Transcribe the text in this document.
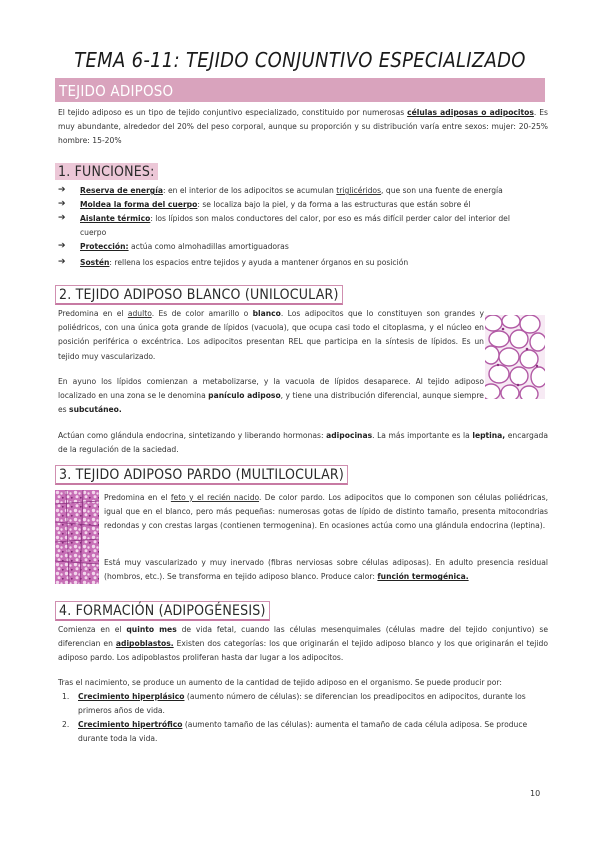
TEMA 6-11: TEJIDO CONJUNTIVO ESPECIALIZADO
TEJIDO ADIPOSO
El tejido adiposo es un tipo de tejido conjuntivo especializado, constituido por numerosas células adiposas o adipocitos. Es muy abundante, alrededor del 20% del peso corporal, aunque su proporción y su distribución varía entre sexos: mujer: 20-25% hombre: 15-20%
1. FUNCIONES:
➔ Reserva de energía: en el interior de los adipocitos se acumulan triglicéridos, que son una fuente de energía
➔ Moldea la forma del cuerpo: se localiza bajo la piel, y da forma a las estructuras que están sobre él
➔ Aislante térmico: los lípidos son malos conductores del calor, por eso es más difícil perder calor del interior del
cuerpo
➔ Protección: actúa como almohadillas amortiguadoras
➔ Sostén: rellena los espacios entre tejidos y ayuda a mantener órganos en su posición
2. TEJIDO ADIPOSO BLANCO (UNILOCULAR)
Predomina en el adulto. Es de color amarillo o blanco. Los adipocitos que lo constituyen son grandes y poliédricos, con una única gota grande de lípidos (vacuola), que ocupa casi todo el citoplasma, y el núcleo en posición periférica o excéntrica. Los adipocitos presentan REL que participa en la síntesis de lípidos. Es un tejido muy vascularizado.
En ayuno los lípidos comienzan a metabolizarse, y la vacuola de lípidos desaparece. Al tejido adiposo localizado en una zona se le denomina panículo adiposo, y tiene una distribución diferencial, aunque siempre es subcutáneo.
Actúan como glándula endocrina, sintetizando y liberando hormonas: adipocinas. La más importante es la leptina, encargada de la regulación de la saciedad.
3. TEJIDO ADIPOSO PARDO (MULTILOCULAR)
Predomina en el feto y el recién nacido. De color pardo. Los adipocitos que lo componen son células poliédricas, igual que en el blanco, pero más pequeñas: numerosas gotas de lípido de distinto tamaño, presenta mitocondrias redondas y con crestas largas (contienen termogenina). En ocasiones actúa como una glándula endocrina (leptina).
Está muy vascularizado y muy inervado (fibras nerviosas sobre células adiposas). En adulto presencia residual (hombros, etc.). Se transforma en tejido adiposo blanco. Produce calor: función termogénica.
4. FORMACIÓN (ADIPOGÉNESIS)
Comienza en el quinto mes de vida fetal, cuando las células mesenquimales (células madre del tejido conjuntivo) se diferencian en adipoblastos. Existen dos categorías: los que originarán el tejido adiposo blanco y los que originarán el tejido adiposo pardo. Los adipoblastos proliferan hasta dar lugar a los adipocitos.
Tras el nacimiento, se produce un aumento de la cantidad de tejido adiposo en el organismo. Se puede producir por:
1. Crecimiento hiperplásico (aumento número de células): se diferencian los preadipocitos en adipocitos, durante los primeros años de vida.
2. Crecimiento hipertrófico (aumento tamaño de las células): aumenta el tamaño de cada célula adiposa. Se produce durante toda la vida.
10
